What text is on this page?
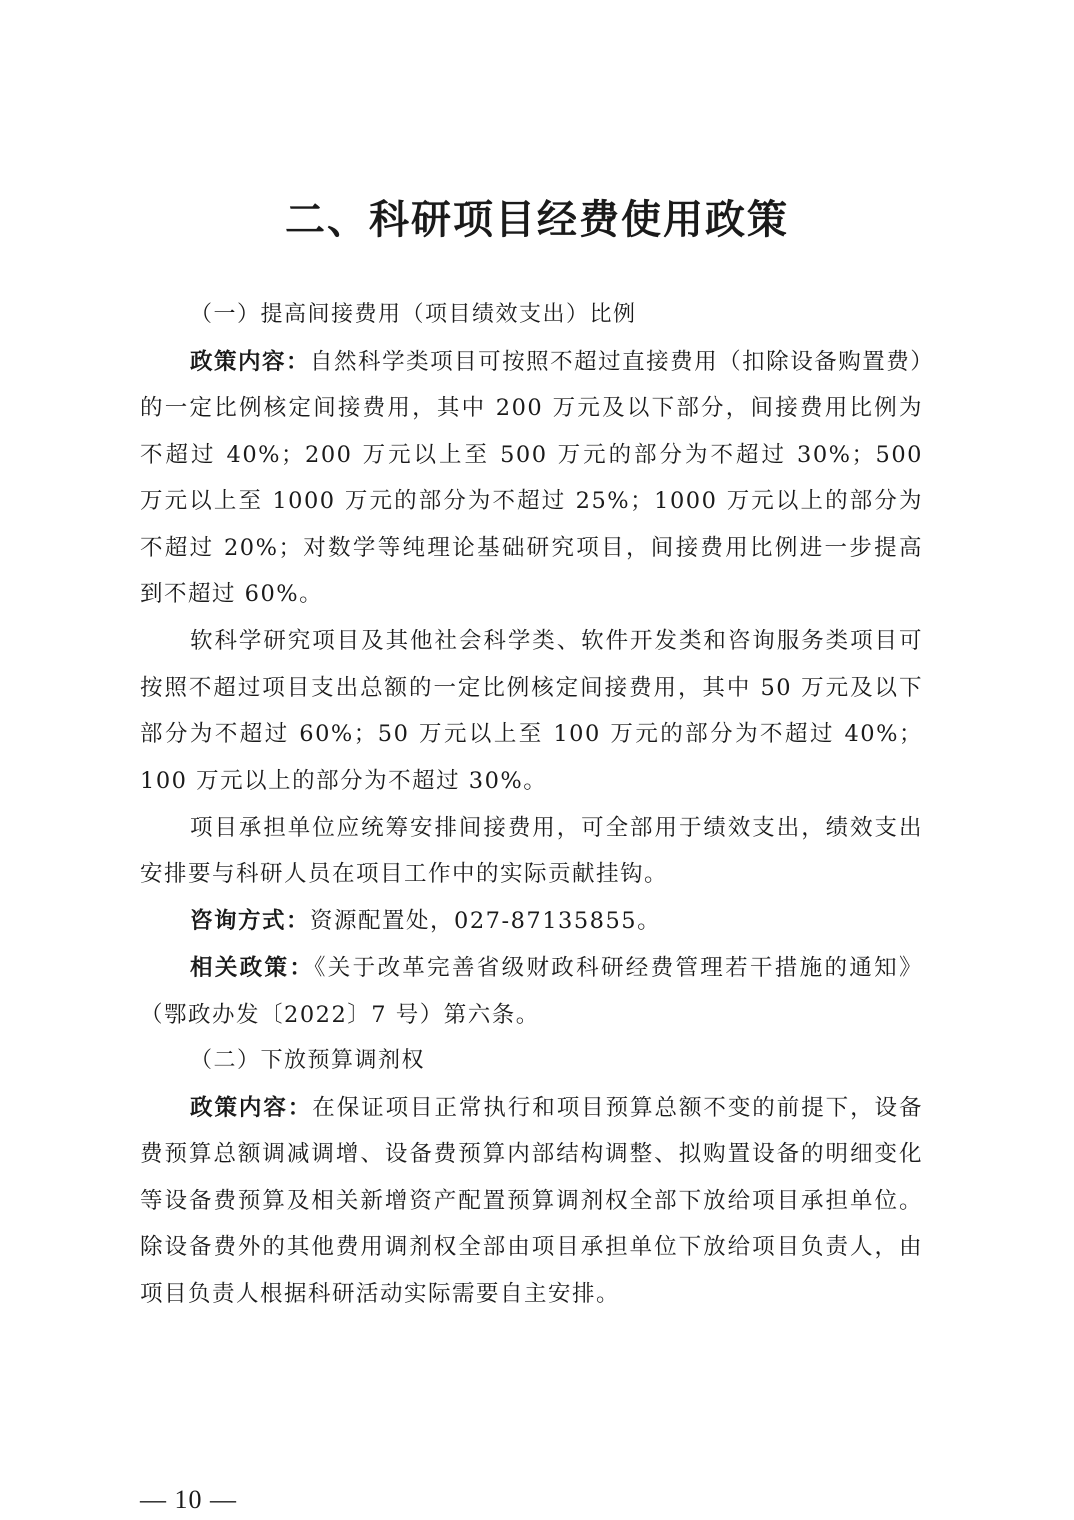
二、科研项目经费使用政策

（一）提高间接费用（项目绩效支出）比例

政策内容：自然科学类项目可按照不超过直接费用（扣除设备购置费）的一定比例核定间接费用，其中 200 万元及以下部分，间接费用比例为不超过 40%；200 万元以上至 500 万元的部分为不超过 30%；500 万元以上至 1000 万元的部分为不超过 25%；1000 万元以上的部分为不超过 20%；对数学等纯理论基础研究项目，间接费用比例进一步提高到不超过 60%。

软科学研究项目及其他社会科学类、软件开发类和咨询服务类项目可按照不超过项目支出总额的一定比例核定间接费用，其中 50 万元及以下部分为不超过 60%；50 万元以上至 100 万元的部分为不超过 40%；100 万元以上的部分为不超过 30%。

项目承担单位应统筹安排间接费用，可全部用于绩效支出，绩效支出安排要与科研人员在项目工作中的实际贡献挂钩。

咨询方式：资源配置处，027-87135855。

相关政策：《关于改革完善省级财政科研经费管理若干措施的通知》（鄂政办发〔2022〕7 号）第六条。

（二）下放预算调剂权

政策内容：在保证项目正常执行和项目预算总额不变的前提下，设备费预算总额调减调增、设备费预算内部结构调整、拟购置设备的明细变化等设备费预算及相关新增资产配置预算调剂权全部下放给项目承担单位。除设备费外的其他费用调剂权全部由项目承担单位下放给项目负责人，由项目负责人根据科研活动实际需要自主安排。

— 10 —
